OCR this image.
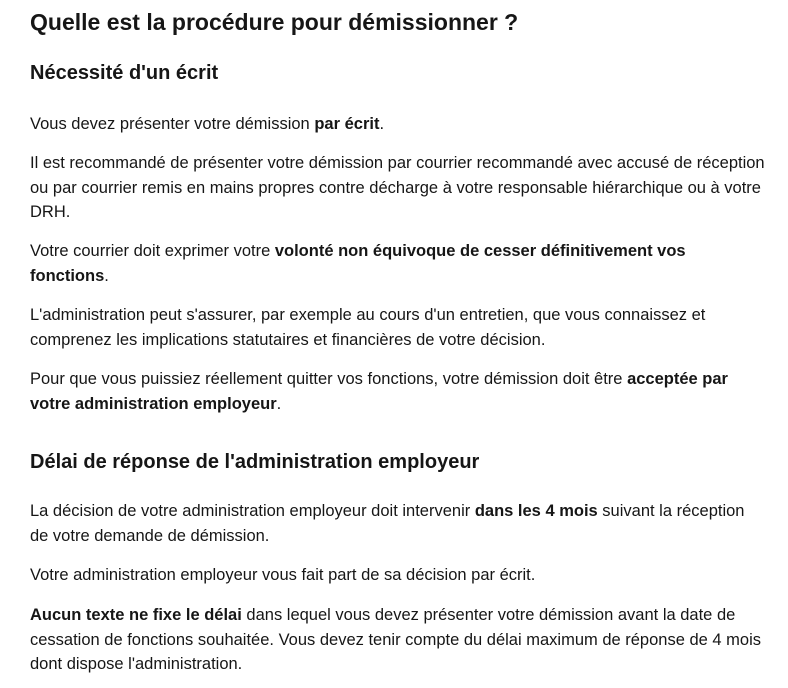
Quelle est la procédure pour démissionner ?
Nécessité d'un écrit

Vous devez présenter votre démission par écrit.

Il est recommandé de présenter votre démission par courrier recommandé avec accusé de réception ou par courrier remis en mains propres contre décharge à votre responsable hiérarchique ou à votre DRH.

Votre courrier doit exprimer votre volonté non équivoque de cesser définitivement vos fonctions.

L'administration peut s'assurer, par exemple au cours d'un entretien, que vous connaissez et comprenez les implications statutaires et financières de votre décision.

Pour que vous puissiez réellement quitter vos fonctions, votre démission doit être acceptée par votre administration employeur.

Délai de réponse de l'administration employeur

La décision de votre administration employeur doit intervenir dans les 4 mois suivant la réception de votre demande de démission.

Votre administration employeur vous fait part de sa décision par écrit.

Aucun texte ne fixe le délai dans lequel vous devez présenter votre démission avant la date de cessation de fonctions souhaitée. Vous devez tenir compte du délai maximum de réponse de 4 mois dont dispose l'administration.
